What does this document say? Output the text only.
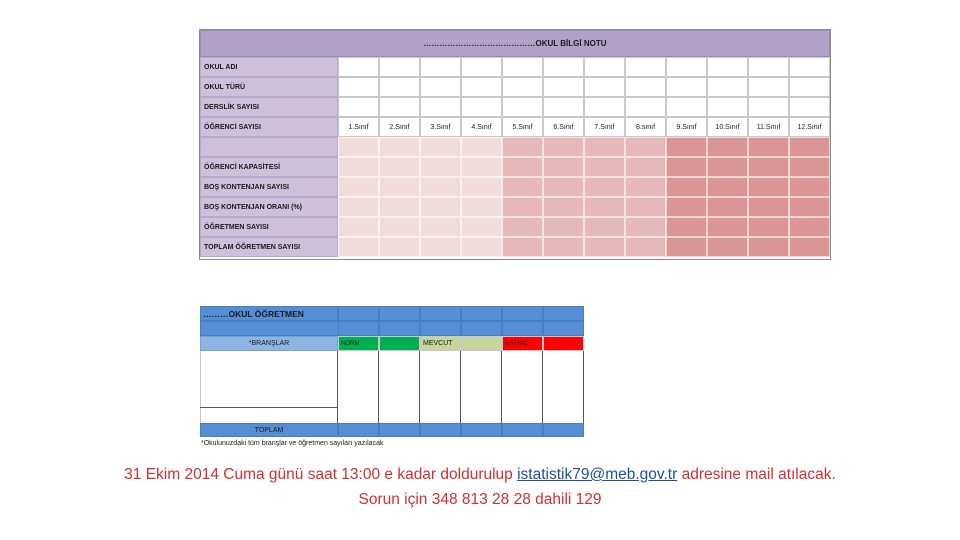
……………………………………OKUL BİLGİ NOTU
OKUL ADI
OKUL TÜRÜ
DERSLİK SAYISI
ÖĞRENCİ SAYISI	1.Sınıf	2.Sınıf	3.Sınıf	4.Sınıf	5.Sınıf	6.Sınıf	7.Sınıf	8.sınıf	9.Sınıf	10.Sınıf	11.Sınıf	12.Sınıf
ÖĞRENCİ KAPASİTESİ
BOŞ KONTENJAN SAYISI
BOŞ KONTENJAN ORANI (%)
ÖĞRETMEN SAYISI
TOPLAM ÖĞRETMEN SAYISI
………OKUL ÖĞRETMEN
*BRANŞLAR	NORM	MEVCUT	İHTİYAÇ
TOPLAM
*Okulunuzdaki tüm branşlar ve öğretmen sayıları yazılacak
31 Ekim 2014 Cuma günü saat 13:00 e kadar doldurulup istatistik79@meb.gov.tr adresine mail atılacak.
Sorun için 348 813 28 28 dahili 129
